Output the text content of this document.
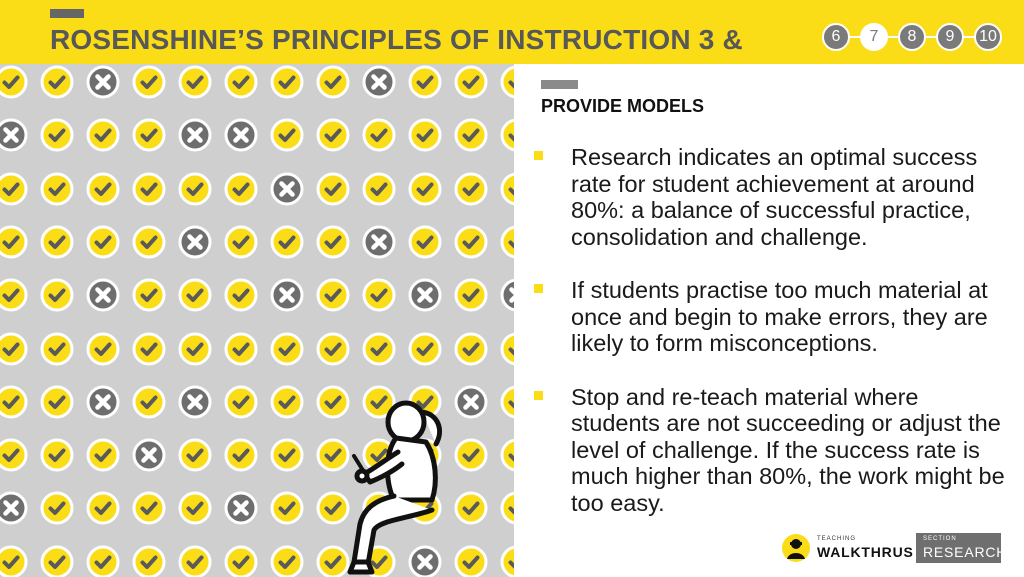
ROSENSHINE’S PRINCIPLES OF INSTRUCTION 3 &	6	7	8	9	10
PROVIDE MODELS
Research indicates an optimal success rate for student achievement at around 80%: a balance of successful practice, consolidation and challenge.
If students practise too much material at once and begin to make errors, they are likely to form misconceptions.
Stop and re-teach material where students are not succeeding or adjust the level of challenge. If the success rate is much higher than 80%, the work might be too easy.
TEACHING
WALKTHRUS
SECTION
RESEARCH
